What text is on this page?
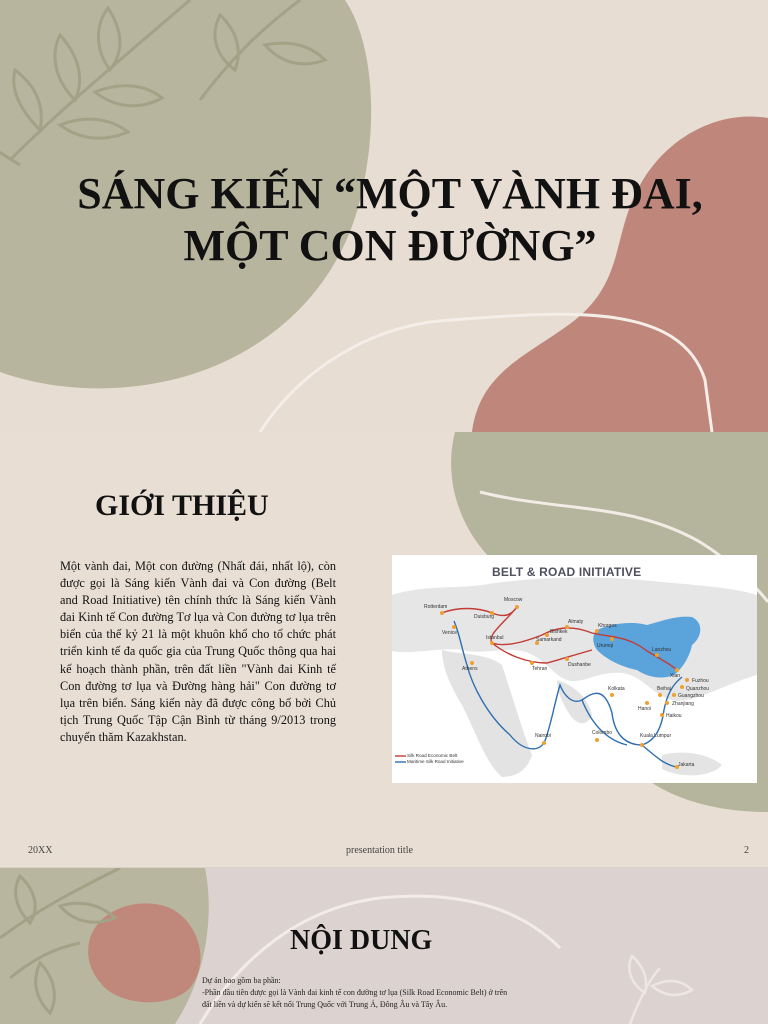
SÁNG KIẾN “MỘT VÀNH ĐAI, MỘT CON ĐƯỜNG”
GIỚI THIỆU
Một vành đai, Một con đường (Nhất đái, nhất lộ), còn được gọi là Sáng kiến Vành đai và Con đường (Belt and Road Initiative) tên chính thức là Sáng kiến Vành đai Kinh tế Con đường Tơ lụa và Con đường tơ lụa trên biển của thế kỷ 21 là một khuôn khổ cho tổ chức phát triển kinh tế đa quốc gia của Trung Quốc thông qua hai kế hoạch thành phần, trên đất liền "Vành đai Kinh tế Con đường tơ lụa và Đường hàng hải" Con đường tơ lụa trên biển. Sáng kiến này đã được công bố bởi Chủ tịch Trung Quốc Tập Cận Bình từ tháng 9/2013 trong chuyến thăm Kazakhstan.
BELT & ROAD INITIATIVE
Rotterdam
Duisburg
Moscow
Almaty
Khorgos
Bishkek
Samarkand
Urumqi
Lanzhou
Istanbul
Venice
Athens	Tehran
Dushanbe
Xian
Fuzhou
Quanzhou
Guangzhou
Zhanjiang
Beihai
Hanoi
Haikou
Kolkata
Colombo	Kuala Lumpur
Nairobi
Jakarta
Silk Road Economic Belt
Maritime Silk Road Initiative
20XX	presentation title	2
NỘI DUNG
Dự án bao gồm ba phần:
-Phần đầu tiên được gọi là Vành đai kinh tế con đường tơ lụa (Silk Road Economic Belt) ở trên
đất liền và dự kiến sẽ kết nối Trung Quốc với Trung Á, Đông Âu và Tây Âu.
